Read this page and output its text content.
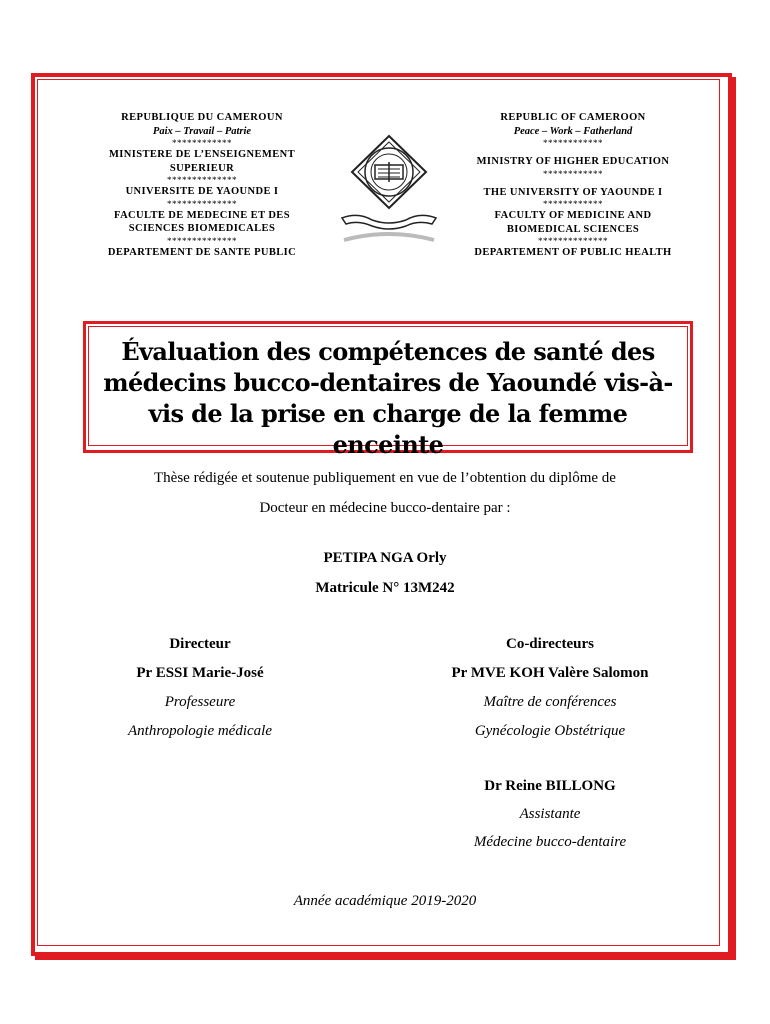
REPUBLIQUE DU CAMEROUN
Paix – Travail – Patrie
************
MINISTERE DE L’ENSEIGNEMENT SUPERIEUR
**************
UNIVERSITE DE YAOUNDE I
**************
FACULTE DE MEDECINE ET DES SCIENCES BIOMEDICALES
**************
DEPARTEMENT DE SANTE PUBLIC
REPUBLIC OF CAMEROON
Peace – Work – Fatherland
************
MINISTRY OF HIGHER EDUCATION
************
THE UNIVERSITY OF YAOUNDE I
************
FACULTY OF MEDICINE AND BIOMEDICAL SCIENCES
**************
DEPARTEMENT OF PUBLIC HEALTH
Évaluation des compétences de santé des médecins bucco-dentaires de Yaoundé vis-à-vis de la prise en charge de la femme enceinte
Thèse rédigée et soutenue publiquement en vue de l’obtention du diplôme de
Docteur en médecine bucco-dentaire par :
PETIPA NGA Orly
Matricule N° 13M242
Directeur
Pr ESSI Marie-José
Professeure
Anthropologie médicale
Co-directeurs
Pr MVE KOH Valère Salomon
Maître de conférences
Gynécologie Obstétrique
Dr Reine BILLONG
Assistante
Médecine bucco-dentaire
Année académique 2019-2020
